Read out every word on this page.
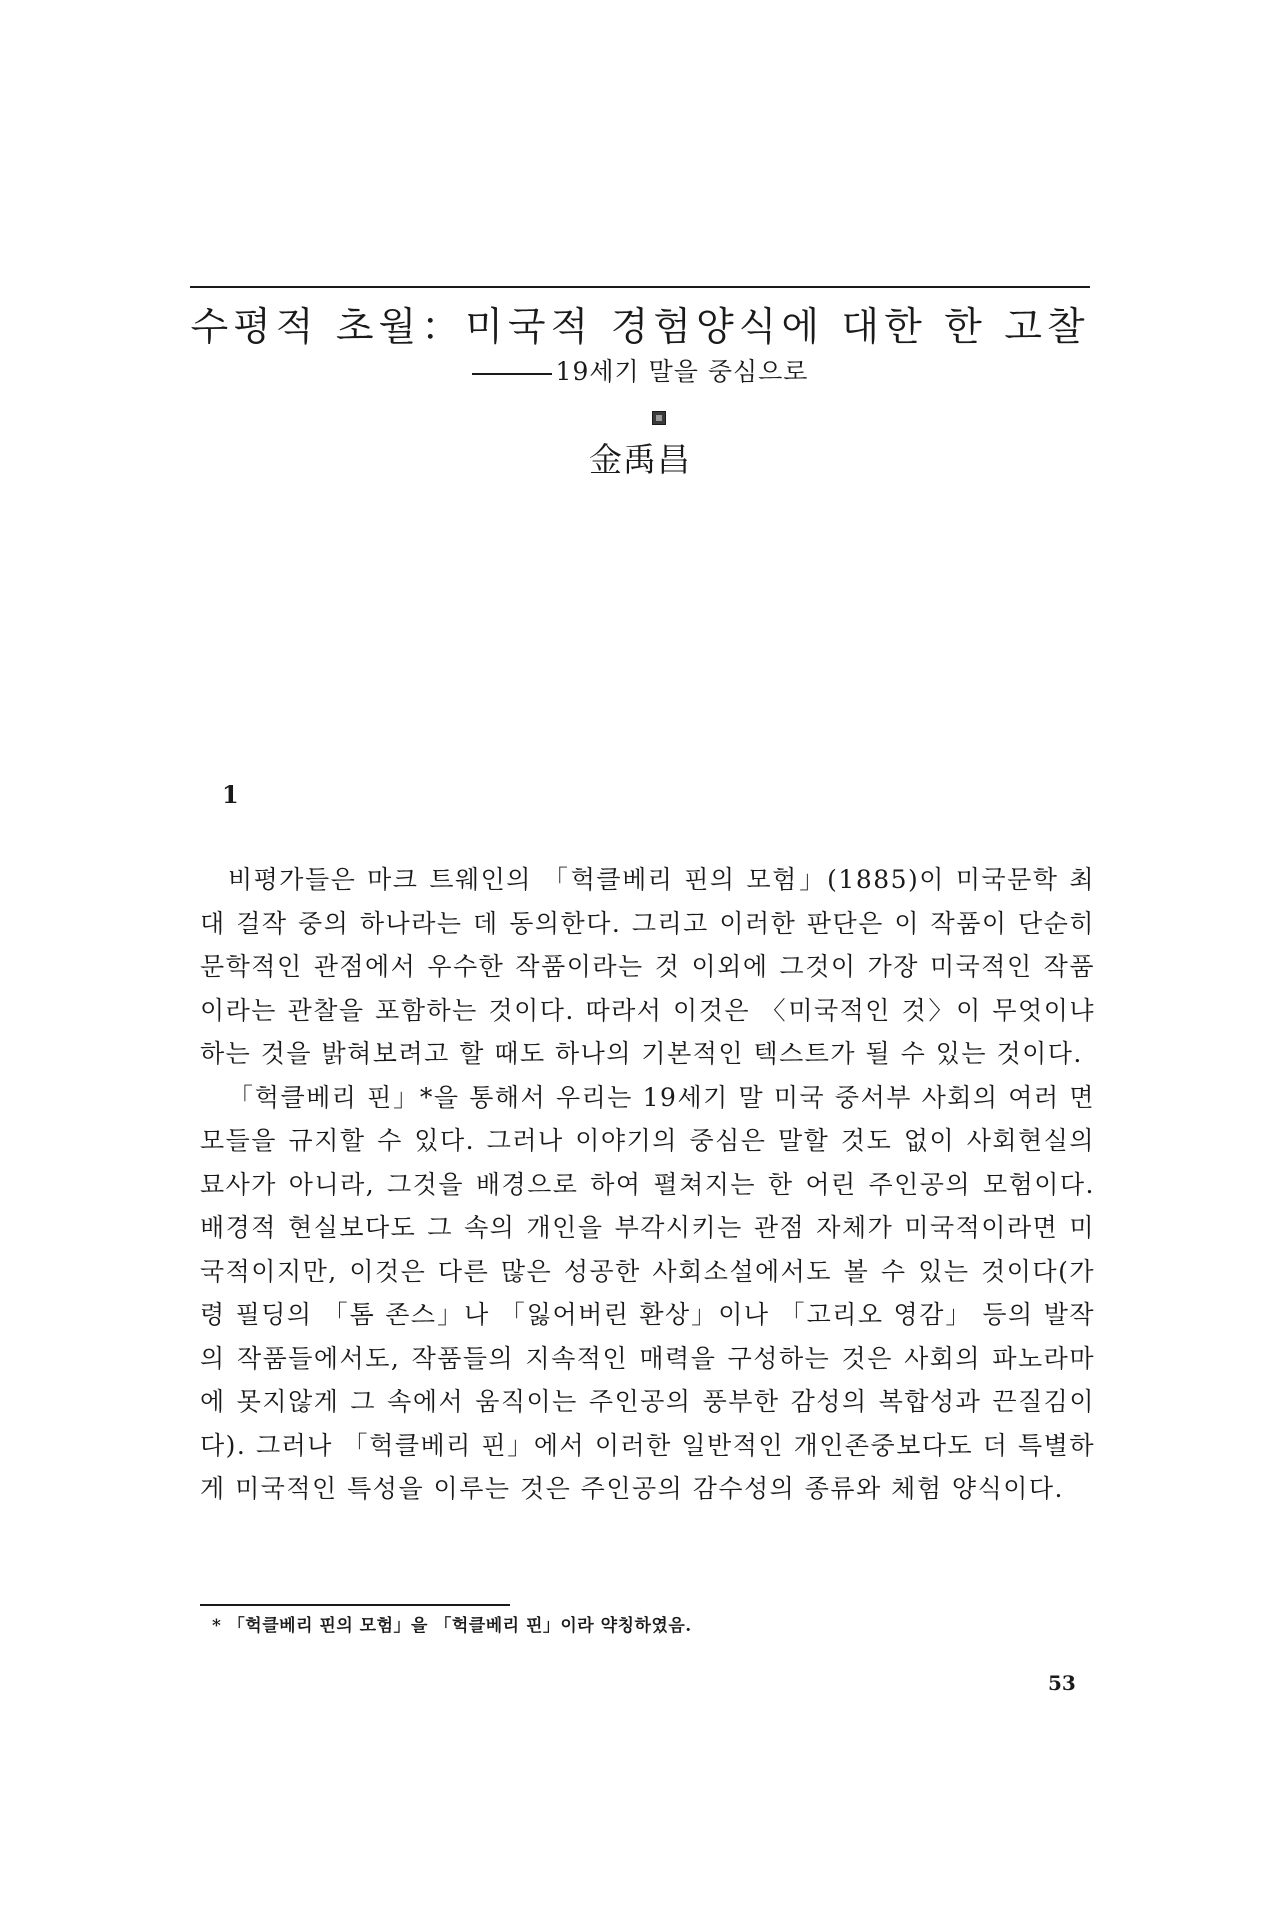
수평적 초월：미국적 경험양식에 대한 한 고찰
19세기 말을 중심으로
金禹昌
1

비평가들은 마크 트웨인의 「헉클베리 핀의 모험」(1885)이 미국문학 최대 걸작 중의 하나라는 데 동의한다. 그리고 이러한 판단은 이 작품이 단순히 문학적인 관점에서 우수한 작품이라는 것 이외에 그것이 가장 미국적인 작품이라는 관찰을 포함하는 것이다. 따라서 이것은 〈미국적인 것〉이 무엇이냐 하는 것을 밝혀보려고 할 때도 하나의 기본적인 텍스트가 될 수 있는 것이다.

「헉클베리 핀」*을 통해서 우리는 19세기 말 미국 중서부 사회의 여러 면모들을 규지할 수 있다. 그러나 이야기의 중심은 말할 것도 없이 사회현실의 묘사가 아니라, 그것을 배경으로 하여 펼쳐지는 한 어린 주인공의 모험이다. 배경적 현실보다도 그 속의 개인을 부각시키는 관점 자체가 미국적이라면 미국적이지만, 이것은 다른 많은 성공한 사회소설에서도 볼 수 있는 것이다(가령 필딩의 「톰 존스」나 「잃어버린 환상」이나 「고리오 영감」 등의 발작의 작품들에서도, 작품들의 지속적인 매력을 구성하는 것은 사회의 파노라마에 못지않게 그 속에서 움직이는 주인공의 풍부한 감성의 복합성과 끈질김이다). 그러나 「헉클베리 핀」에서 이러한 일반적인 개인존중보다도 더 특별하게 미국적인 특성을 이루는 것은 주인공의 감수성의 종류와 체험 양식이다.

* 「헉클베리 핀의 모험」을 「헉클베리 핀」이라 약칭하였음.
53
